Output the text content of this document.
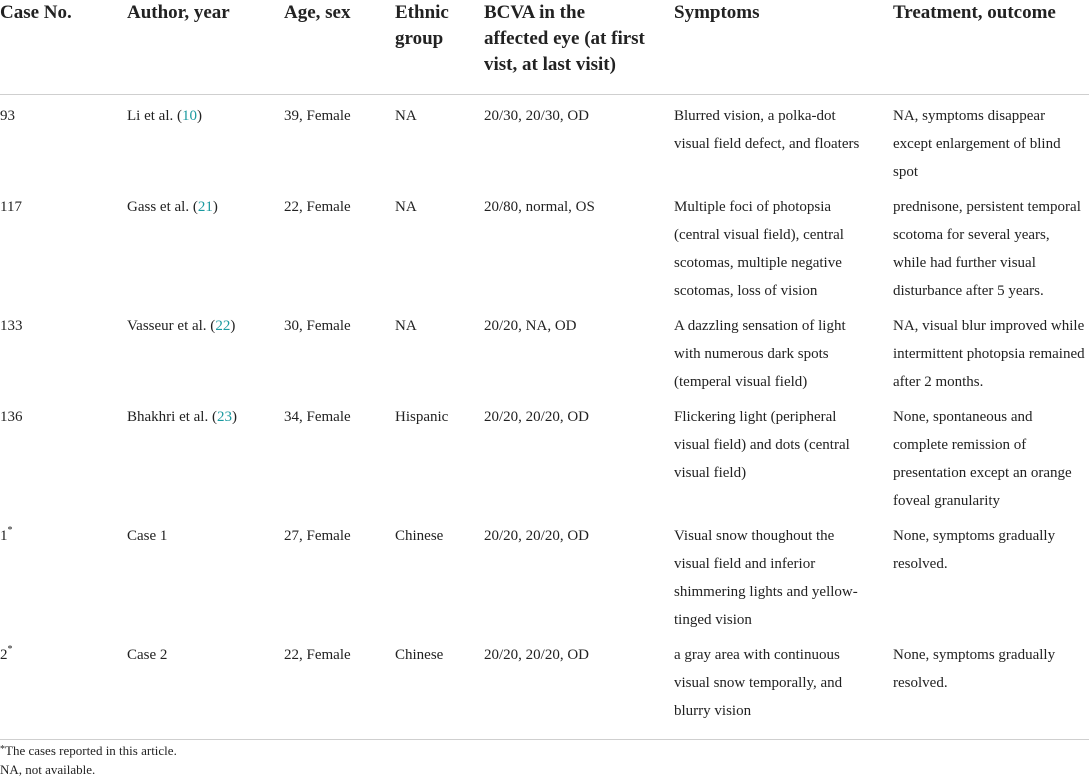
Case No.	Author, year	Age, sex	Ethnic group	BCVA in the affected eye (at first vist, at last visit)	Symptoms	Treatment, outcome
93	Li et al. (10)	39, Female	NA	20/30, 20/30, OD	Blurred vision, a polka-dot visual field defect, and floaters	NA, symptoms disappear except enlargement of blind spot
117	Gass et al. (21)	22, Female	NA	20/80, normal, OS	Multiple foci of photopsia (central visual field), central scotomas, multiple negative scotomas, loss of vision	prednisone, persistent temporal scotoma for several years, while had further visual disturbance after 5 years.
133	Vasseur et al. (22)	30, Female	NA	20/20, NA, OD	A dazzling sensation of light with numerous dark spots (temperal visual field)	NA, visual blur improved while intermittent photopsia remained after 2 months.
136	Bhakhri et al. (23)	34, Female	Hispanic	20/20, 20/20, OD	Flickering light (peripheral visual field) and dots (central visual field)	None, spontaneous and complete remission of presentation except an orange foveal granularity
1*	Case 1	27, Female	Chinese	20/20, 20/20, OD	Visual snow thoughout the visual field and inferior shimmering lights and yellow-tinged vision	None, symptoms gradually resolved.
2*	Case 2	22, Female	Chinese	20/20, 20/20, OD	a gray area with continuous visual snow temporally, and blurry vision	None, symptoms gradually resolved.
*The cases reported in this article.
NA, not available.
